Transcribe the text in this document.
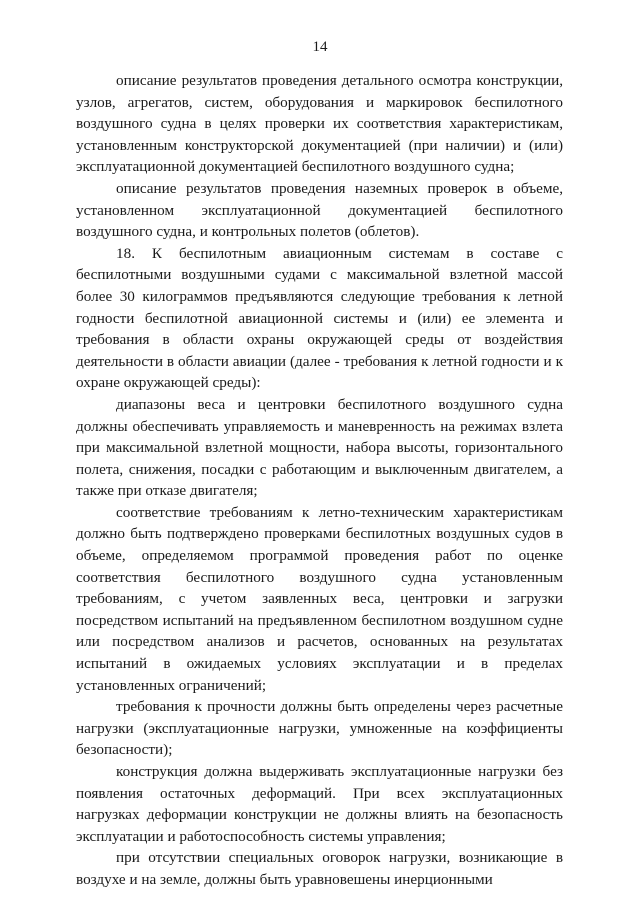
14

описание результатов проведения детального осмотра конструкции, узлов, агрегатов, систем, оборудования и маркировок беспилотного воздушного судна в целях проверки их соответствия характеристикам, установленным конструкторской документацией (при наличии) и (или) эксплуатационной документацией беспилотного воздушного судна;

описание результатов проведения наземных проверок в объеме, установленном эксплуатационной документацией беспилотного воздушного судна, и контрольных полетов (облетов).

18. К беспилотным авиационным системам в составе с беспилотными воздушными судами с максимальной взлетной массой более 30 килограммов предъявляются следующие требования к летной годности беспилотной авиационной системы и (или) ее элемента и требования в области охраны окружающей среды от воздействия деятельности в области авиации (далее - требования к летной годности и к охране окружающей среды):

диапазоны веса и центровки беспилотного воздушного судна должны обеспечивать управляемость и маневренность на режимах взлета при максимальной взлетной мощности, набора высоты, горизонтального полета, снижения, посадки с работающим и выключенным двигателем, а также при отказе двигателя;

соответствие требованиям к летно-техническим характеристикам должно быть подтверждено проверками беспилотных воздушных судов в объеме, определяемом программой проведения работ по оценке соответствия беспилотного воздушного судна установленным требованиям, с учетом заявленных веса, центровки и загрузки посредством испытаний на предъявленном беспилотном воздушном судне или посредством анализов и расчетов, основанных на результатах испытаний в ожидаемых условиях эксплуатации и в пределах установленных ограничений;

требования к прочности должны быть определены через расчетные нагрузки (эксплуатационные нагрузки, умноженные на коэффициенты безопасности);

конструкция должна выдерживать эксплуатационные нагрузки без появления остаточных деформаций. При всех эксплуатационных нагрузках деформации конструкции не должны влиять на безопасность эксплуатации и работоспособность системы управления;

при отсутствии специальных оговорок нагрузки, возникающие в воздухе и на земле, должны быть уравновешены инерционными
